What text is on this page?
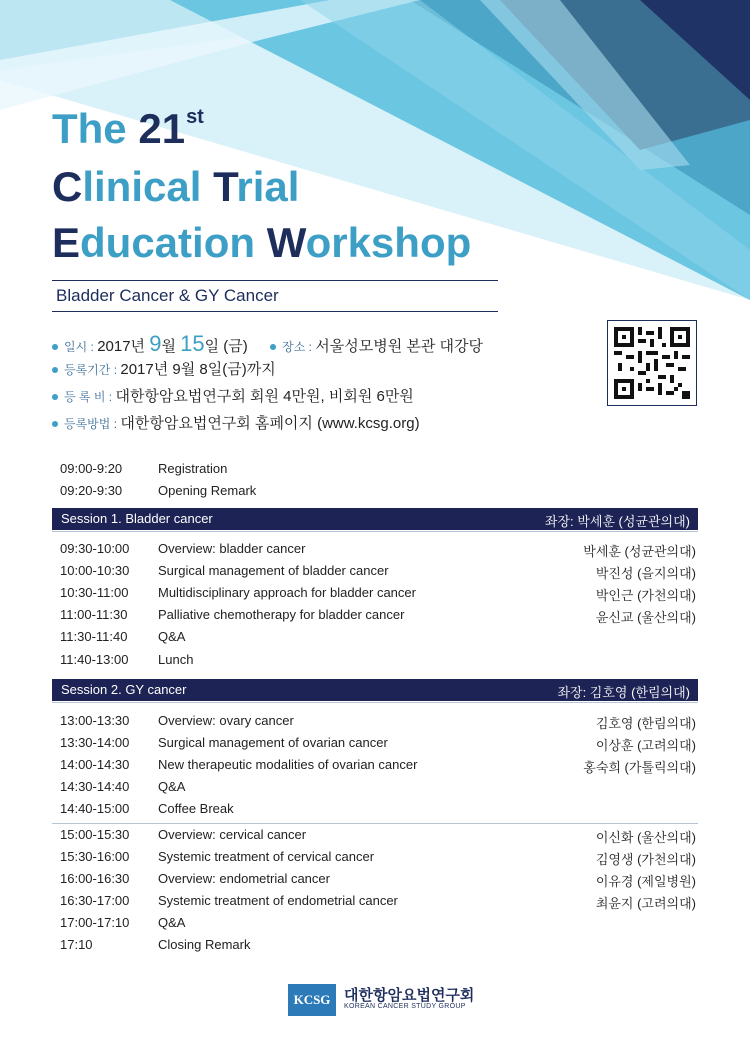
The 21st
Clinical Trial
Education Workshop
Bladder Cancer & GY Cancer
일시 : 2017년 9월 15일 (금)	장소 : 서울성모병원 본관 대강당
등록기간 : 2017년 9월 8일(금)까지
등 록 비 : 대한항암요법연구회 회원 4만원, 비회원 6만원
등록방법 : 대한항암요법연구회 홈페이지 (www.kcsg.org)
09:00-9:20	Registration
09:20-9:30	Opening Remark
Session 1. Bladder cancer	좌장: 박세훈 (성균관의대)
09:30-10:00 Overview: bladder cancer	박세훈 (성균관의대)
10:00-10:30 Surgical management of bladder cancer	박진성 (을지의대)
10:30-11:00 Multidisciplinary approach for bladder cancer	박인근 (가천의대)
11:00-11:30 Palliative chemotherapy for bladder cancer	윤신교 (울산의대)
11:30-11:40 Q&A
11:40-13:00 Lunch
Session 2. GY cancer	좌장: 김호영 (한림의대)
13:00-13:30 Overview: ovary cancer	김호영 (한림의대)
13:30-14:00 Surgical management of ovarian cancer	이상훈 (고려의대)
14:00-14:30 New therapeutic modalities of ovarian cancer	홍숙희 (가톨릭의대)
14:30-14:40 Q&A
14:40-15:00 Coffee Break
15:00-15:30 Overview: cervical cancer	이신화 (울산의대)
15:30-16:00 Systemic treatment of cervical cancer	김영생 (가천의대)
16:00-16:30 Overview: endometrial cancer	이유경 (제일병원)
16:30-17:00 Systemic treatment of endometrial cancer	최윤지 (고려의대)
17:00-17:10 Q&A
17:10	Closing Remark
KCSG 대한항암요법연구회
KOREAN CANCER STUDY GROUP
